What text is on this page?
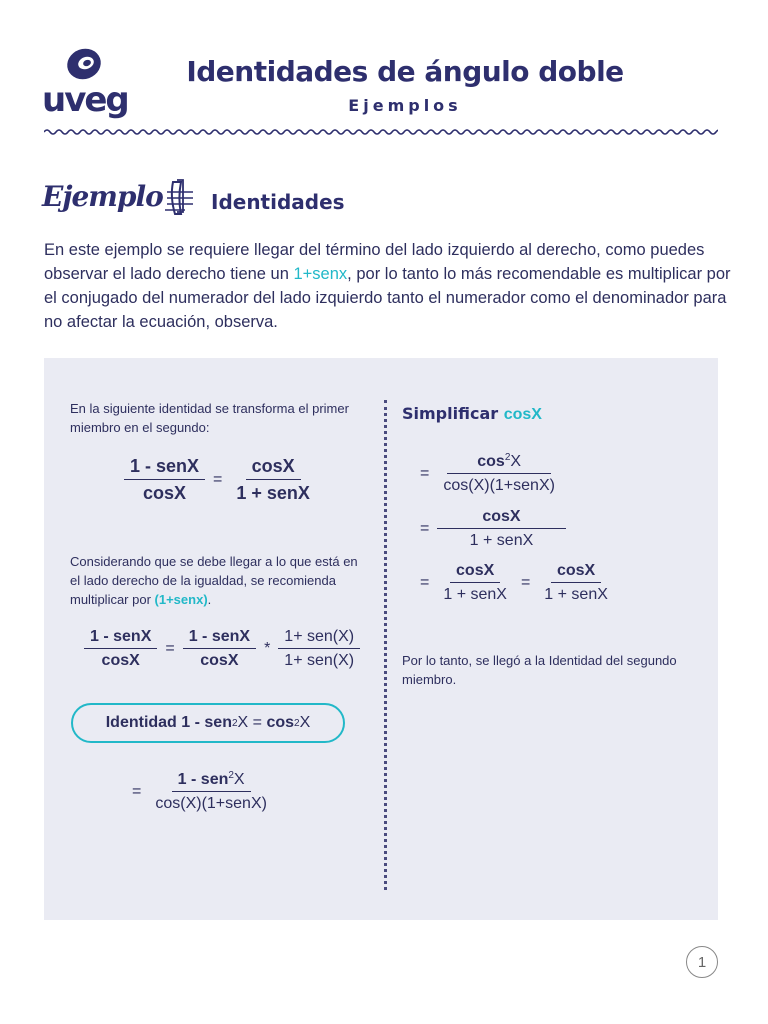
uveg
Identidades de ángulo doble
Ejemplos
Ejemplo Identidades
En este ejemplo se requiere llegar del término del lado izquierdo al derecho, como puedes observar el lado derecho tiene un 1+senx, por lo tanto lo más recomendable es multiplicar por el conjugado del numerador del lado izquierdo tanto el numerador como el denominador para no afectar la ecuación, observa.
En la siguiente identidad se transforma el primer miembro en el segundo:
$\frac{\text{1 - senX}}{\cos X} = \frac{\cos X}{\text{1 + senX}}$
Considerando que se debe llegar a lo que está en el lado derecho de la igualdad, se recomienda multiplicar por (1+senx).
$\frac{\text{1 - senX}}{\cos X} = \frac{\text{1 - senX}}{\cos X} * \frac{\text{1+ sen(X)}}{\text{1+ sen(X)}}$
Identidad
1 - sen 2 X
=
cos 2 X
= $\frac{1 - sen^2X}{\text{cos(X)(1+senX)}}$
Simplificar cosX
= $\frac{\cos^2X}{\text{cos(X)(1+senX)}}$
= $\frac{\cos X}{\text{1 + senX}}$
= $\frac{\cos X}{\text{1 + senX}} = \frac{\cos X}{\text{1 + senX}}$
Por lo tanto, se llegó a la Identidad del segundo miembro.
1
